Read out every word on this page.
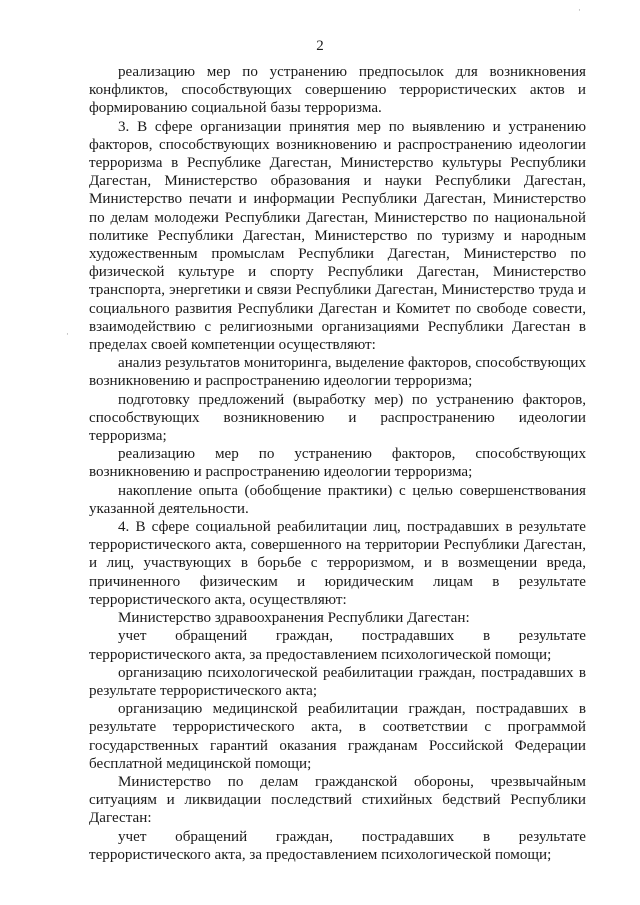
2

реализацию мер по устранению предпосылок для возникновения конфликтов, способствующих совершению террористических актов и формированию социальной базы терроризма.

3. В сфере организации принятия мер по выявлению и устранению факторов, способствующих возникновению и распространению идеологии терроризма в Республике Дагестан, Министерство культуры Республики Дагестан, Министерство образования и науки Республики Дагестан, Министерство печати и информации Республики Дагестан, Министерство по делам молодежи Республики Дагестан, Министерство по национальной политике Республики Дагестан, Министерство по туризму и народным художественным промыслам Республики Дагестан, Министерство по физической культуре и спорту Республики Дагестан, Министерство транспорта, энергетики и связи Республики Дагестан, Министерство труда и социального развития Республики Дагестан и Комитет по свободе совести, взаимодействию с религиозными организациями Республики Дагестан в пределах своей компетенции осуществляют:

анализ результатов мониторинга, выделение факторов, способствующих возникновению и распространению идеологии терроризма;

подготовку предложений (выработку мер) по устранению факторов, способствующих возникновению и распространению идеологии терроризма;

реализацию мер по устранению факторов, способствующих возникновению и распространению идеологии терроризма;

накопление опыта (обобщение практики) с целью совершенствования указанной деятельности.

4. В сфере социальной реабилитации лиц, пострадавших в результате террористического акта, совершенного на территории Республики Дагестан, и лиц, участвующих в борьбе с терроризмом, и в возмещении вреда, причиненного физическим и юридическим лицам в результате террористического акта, осуществляют:

Министерство здравоохранения Республики Дагестан:

учет обращений граждан, пострадавших в результате террористического акта, за предоставлением психологической помощи;

организацию психологической реабилитации граждан, пострадавших в результате террористического акта;

организацию медицинской реабилитации граждан, пострадавших в результате террористического акта, в соответствии с программой государственных гарантий оказания гражданам Российской Федерации бесплатной медицинской помощи;

Министерство по делам гражданской обороны, чрезвычайным ситуациям и ликвидации последствий стихийных бедствий Республики Дагестан:

учет обращений граждан, пострадавших в результате террористического акта, за предоставлением психологической помощи;

·
·
